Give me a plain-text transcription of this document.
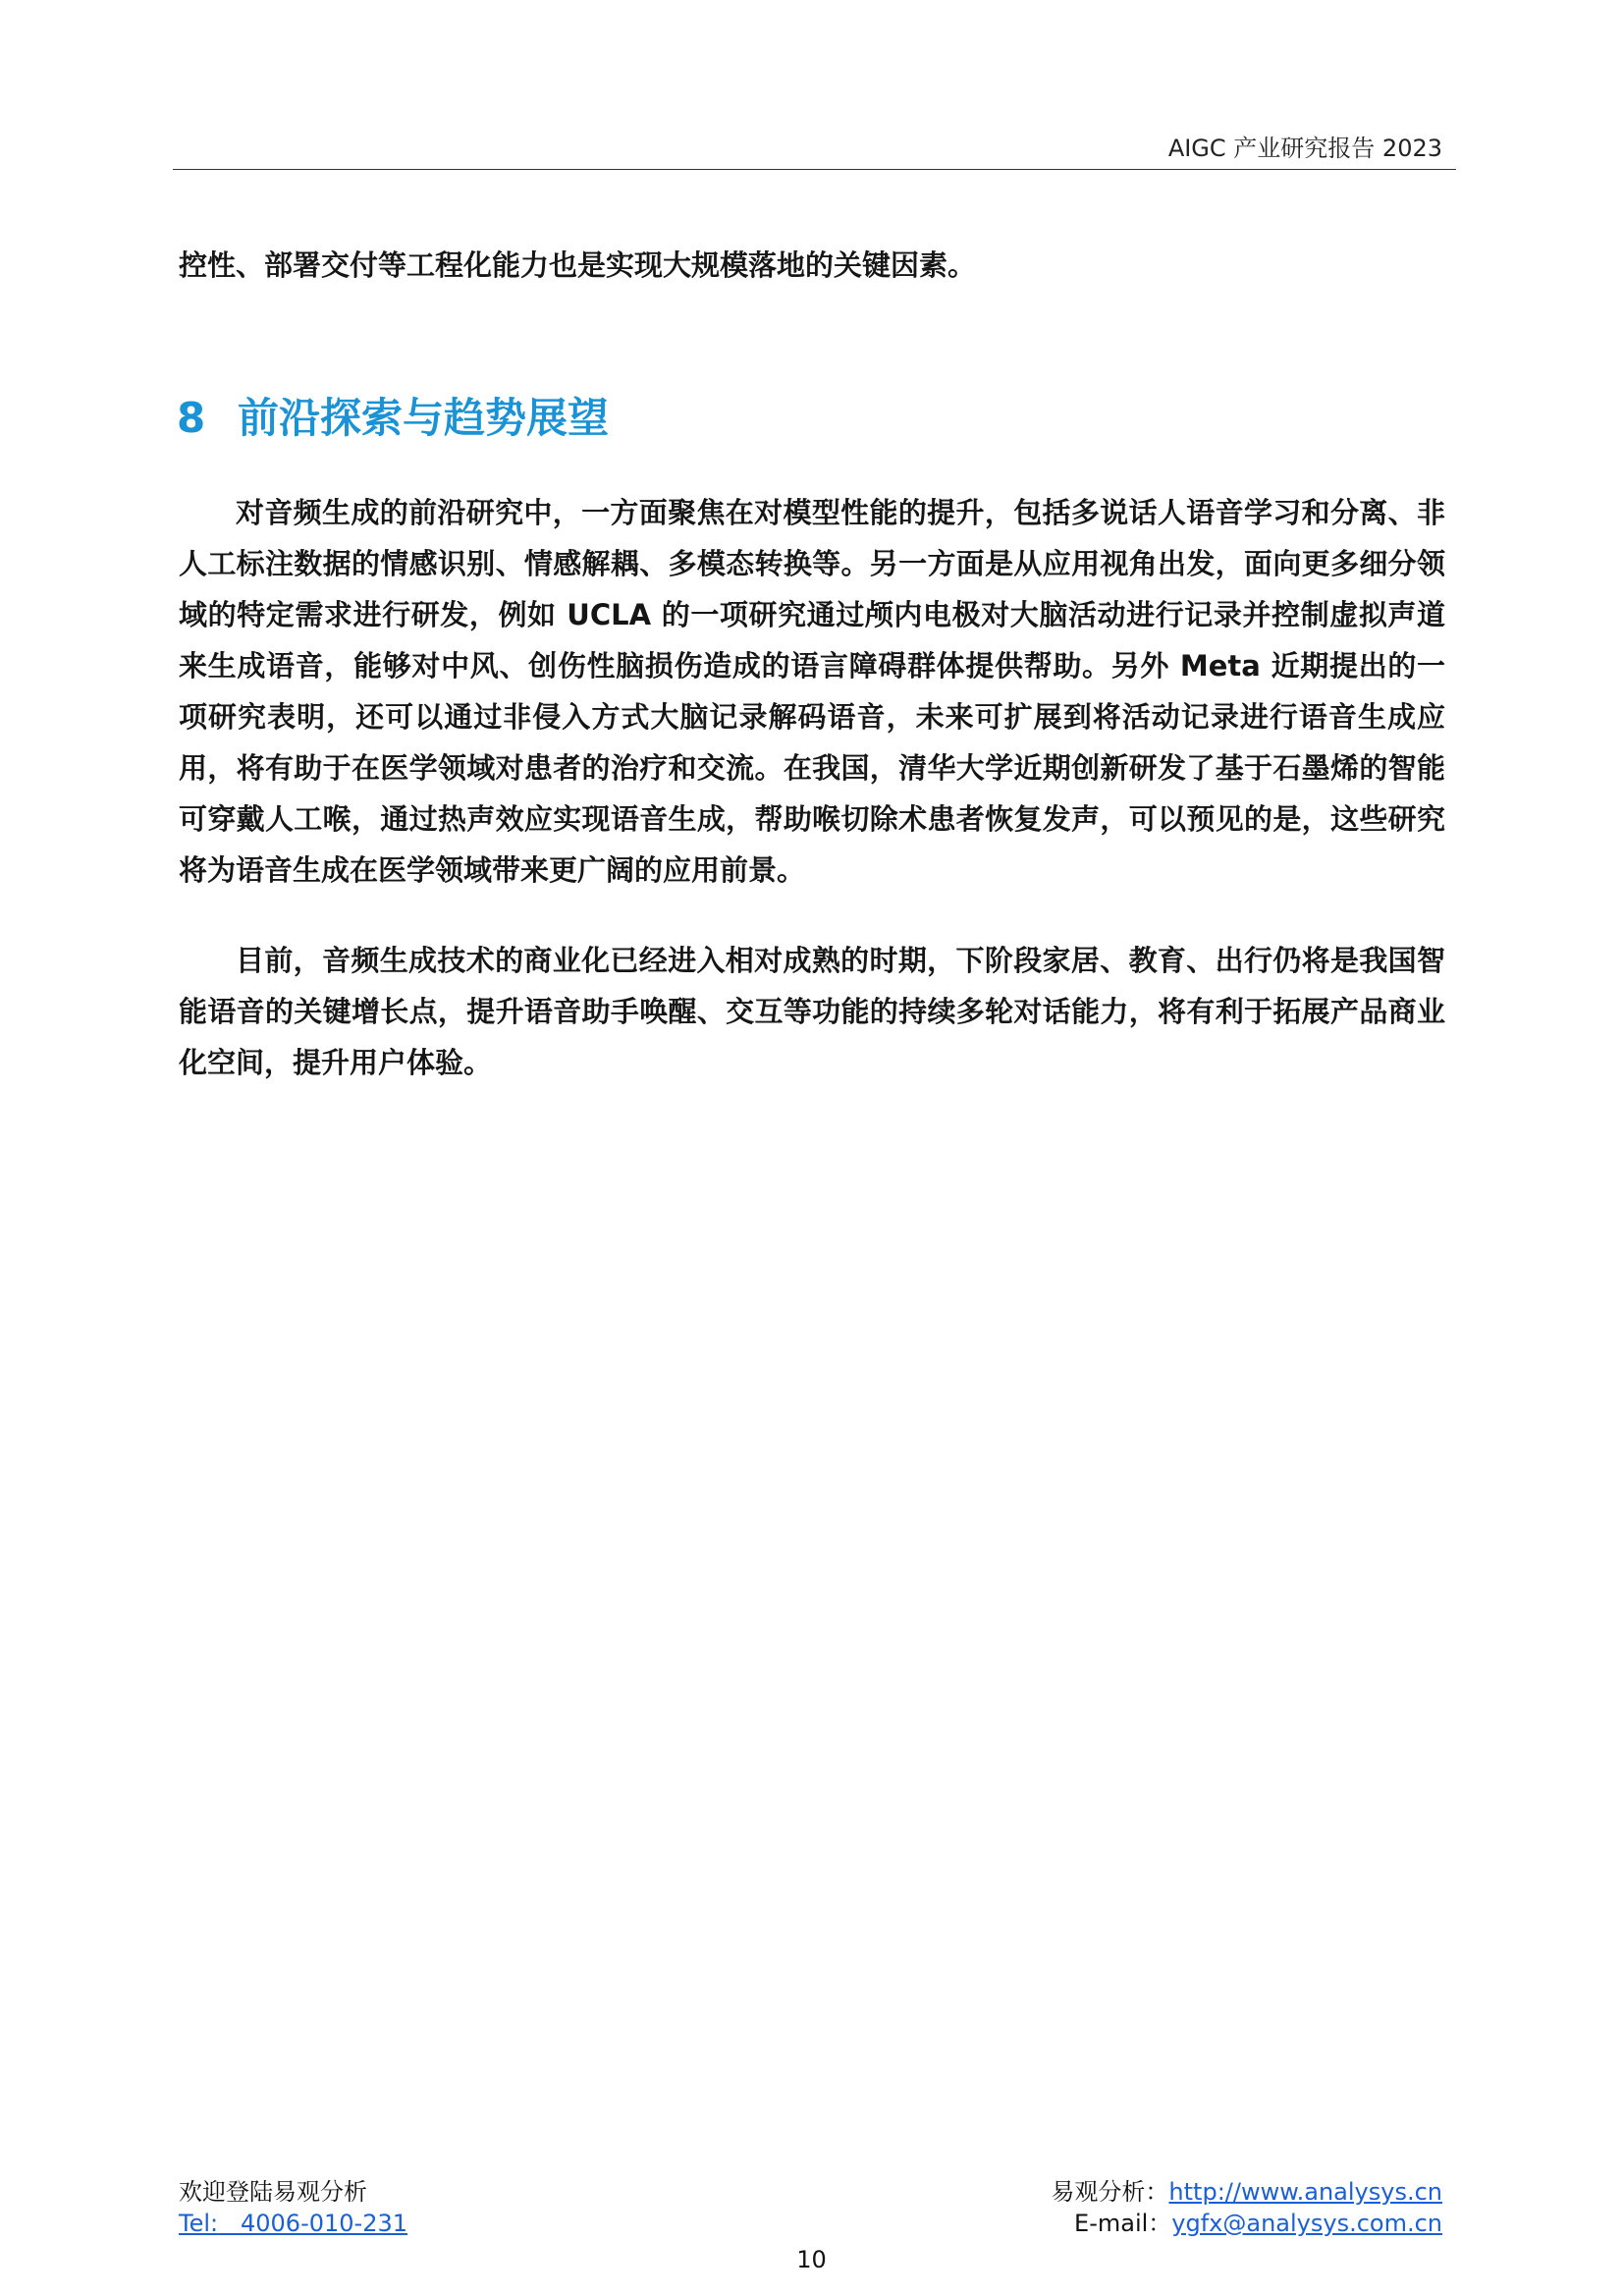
AIGC 产业研究报告 2023

控性、部署交付等工程化能力也是实现大规模落地的关键因素。

8 前沿探索与趋势展望

对音频生成的前沿研究中，一方面聚焦在对模型性能的提升，包括多说话人语音学习和分离、非人工标注数据的情感识别、情感解耦、多模态转换等。另一方面是从应用视角出发，面向更多细分领域的特定需求进行研发，例如 UCLA 的一项研究通过颅内电极对大脑活动进行记录并控制虚拟声道来生成语音，能够对中风、创伤性脑损伤造成的语言障碍群体提供帮助。另外 Meta 近期提出的一项研究表明，还可以通过非侵入方式大脑记录解码语音，未来可扩展到将活动记录进行语音生成应用，将有助于在医学领域对患者的治疗和交流。在我国，清华大学近期创新研发了基于石墨烯的智能可穿戴人工喉，通过热声效应实现语音生成，帮助喉切除术患者恢复发声，可以预见的是，这些研究将为语音生成在医学领域带来更广阔的应用前景。

目前，音频生成技术的商业化已经进入相对成熟的时期，下阶段家居、教育、出行仍将是我国智能语音的关键增长点，提升语音助手唤醒、交互等功能的持续多轮对话能力，将有利于拓展产品商业化空间，提升用户体验。

欢迎登陆易观分析
Tel: 4006-010-231
易观分析：http://www.analysys.cn
E-mail：ygfx@analysys.com.cn
10
